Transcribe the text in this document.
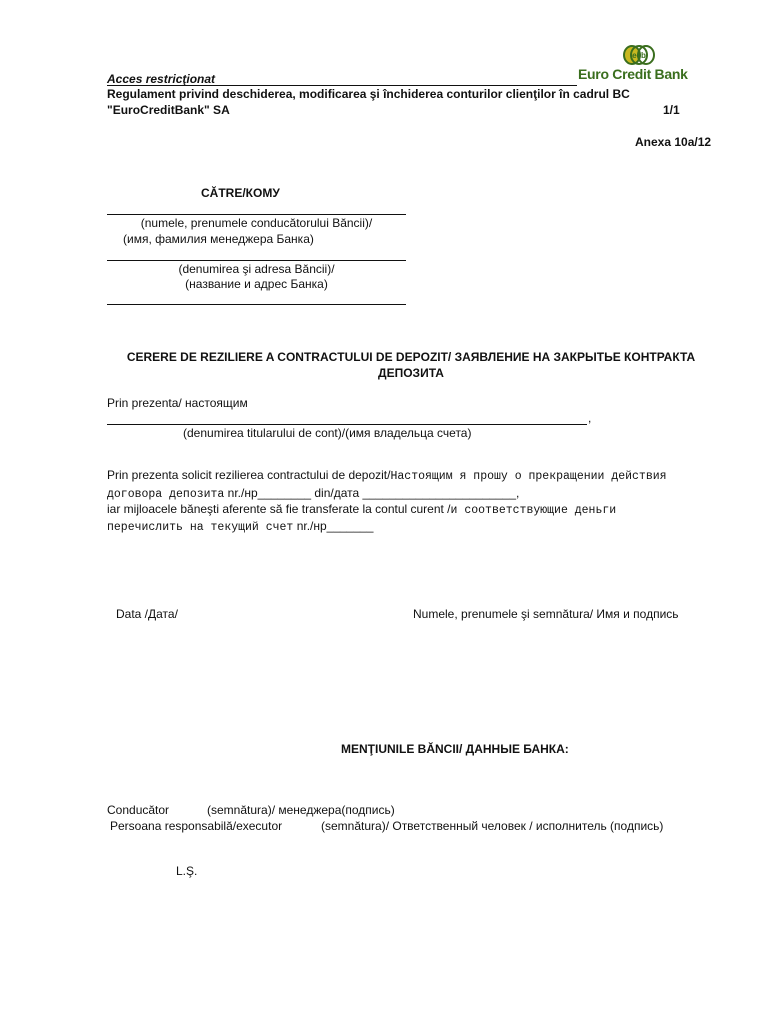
Acces restricţionat
ecb
Euro Credit Bank
Regulament privind deschiderea, modificarea şi închiderea conturilor clienţilor în cadrul BC
"EuroCreditBank" SA	1/1
Anexa 10a/12
CĂTRE/КОМУ
(numele, prenumele conducătorului Băncii)/
(имя, фамилия менеджера Банка)
(denumirea şi adresa Băncii)/
(название и адрес Банка)
CERERE DE REZILIERE A CONTRACTULUI DE DEPOZIT/ ЗАЯВЛЕНИЕ НА ЗАКРЫТЬЕ КОНТРАКТА
ДЕПОЗИТА
Prin prezenta/ настоящим
,
(denumirea titularului de cont)/(имя владельца счета)
Prin prezenta solicit rezilierea contractului de depozit/Настоящим я прошу о прекращении действия
договора депозита nr./нр________ din/дата _______________________,
iar mijloacele băneşti aferente să fie transferate la contul curent /и соответствующие деньги
перечислить на текущий счет nr./нр_______
Data /Дата/	Numele, prenumele şi semnătura/ Имя и подпись
MENŢIUNILE BĂNCII/ ДАННЫЕ БАНКА:
Conducător	(semnătura)/ менеджера(подпись)
Persoana responsabilă/executor	(semnătura)/ Ответственный человек / исполнитель (подпись)
L.Ş.
